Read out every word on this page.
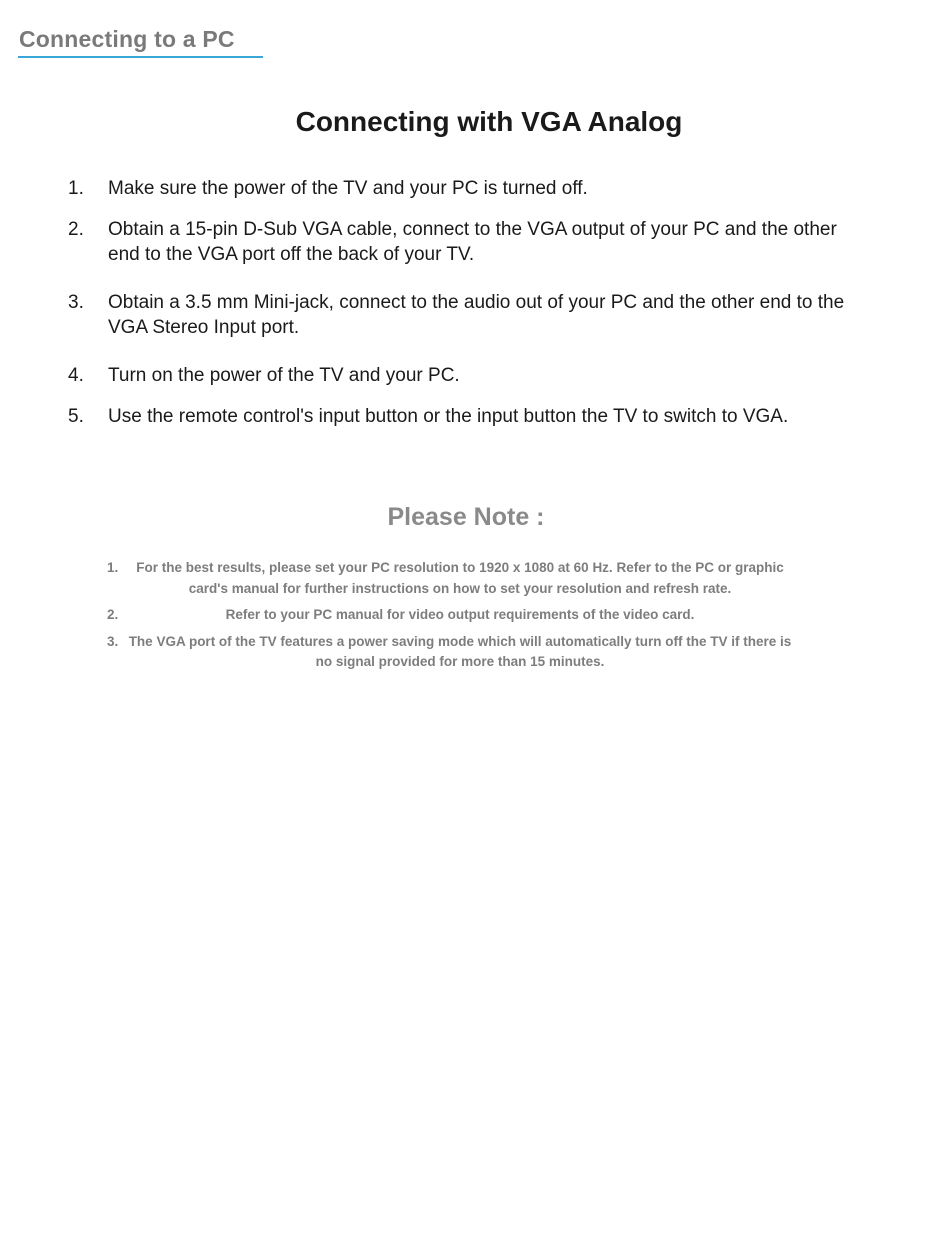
Connecting to a PC
Connecting with VGA Analog
1. Make sure the power of the TV and your PC is turned off.
2. Obtain a 15-pin D-Sub VGA cable, connect to the VGA output of your PC and the other end to the VGA port off the back of your TV.
3. Obtain a 3.5 mm Mini-jack, connect to the audio out of your PC and the other end to the VGA Stereo Input port.
4. Turn on the power of the TV and your PC.
5. Use the remote control's input button or the input button the TV to switch to VGA.
Please Note :
1.	For the best results, please set your PC resolution to 1920 x 1080 at 60 Hz. Refer to the PC or graphic card's manual for further instructions on how to set your resolution and refresh rate.
2.	Refer to your PC manual for video output requirements of the video card.
3. The VGA port of the TV features a power saving mode which will automatically turn off the TV if there is no signal provided for more than 15 minutes.
